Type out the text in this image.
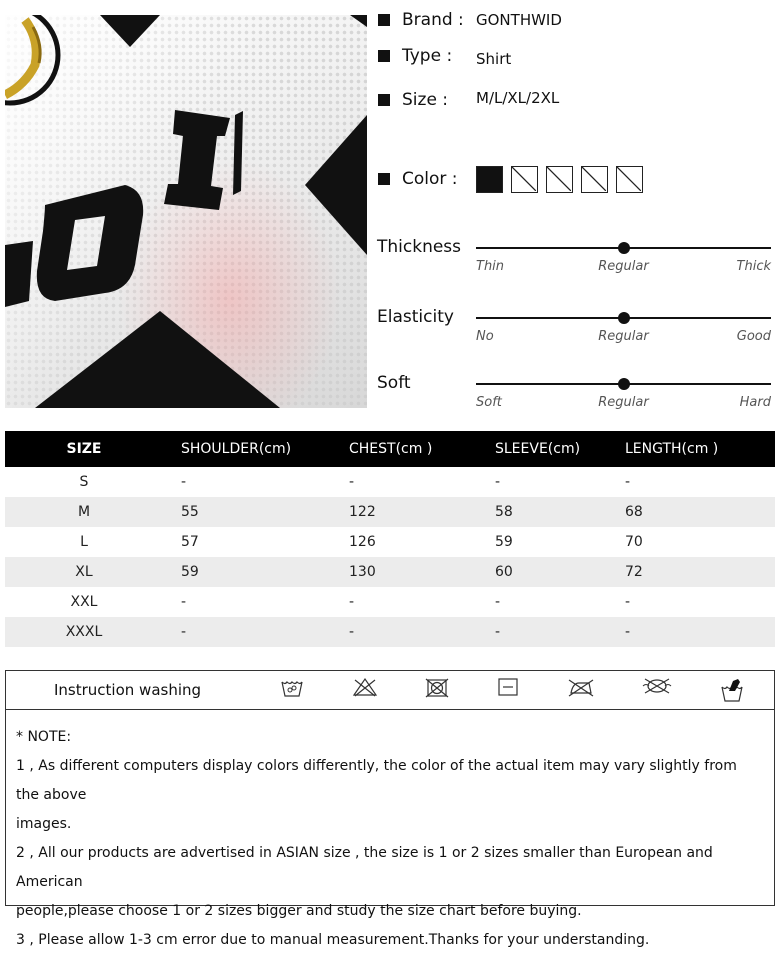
Brand : GONTHWID
Type :	Shirt
Size :	M/L/XL/2XL
Color :
Thickness
Thin	Regular	Thick
Elasticity
No	Regular	Good
Soft
Soft	Regular	Hard
SIZE	SHOULDER(cm)	CHEST(cm )	SLEEVE(cm)	LENGTH(cm )
S	-	-	-	-
M	55	122	58	68
L	57	126	59	70
XL	59	130	60	72
XXL	-	-	-	-
XXXL	-	-	-	-
Instruction washing

* NOTE:

1 , As different computers display colors differently, the color of the actual item may vary slightly from the above

images.

2 , All our products are advertised in ASIAN size , the size is 1 or 2 sizes smaller than European and American

people,please choose 1 or 2 sizes bigger and study the size chart before buying.

3 , Please allow 1-3 cm error due to manual measurement.Thanks for your understanding.
